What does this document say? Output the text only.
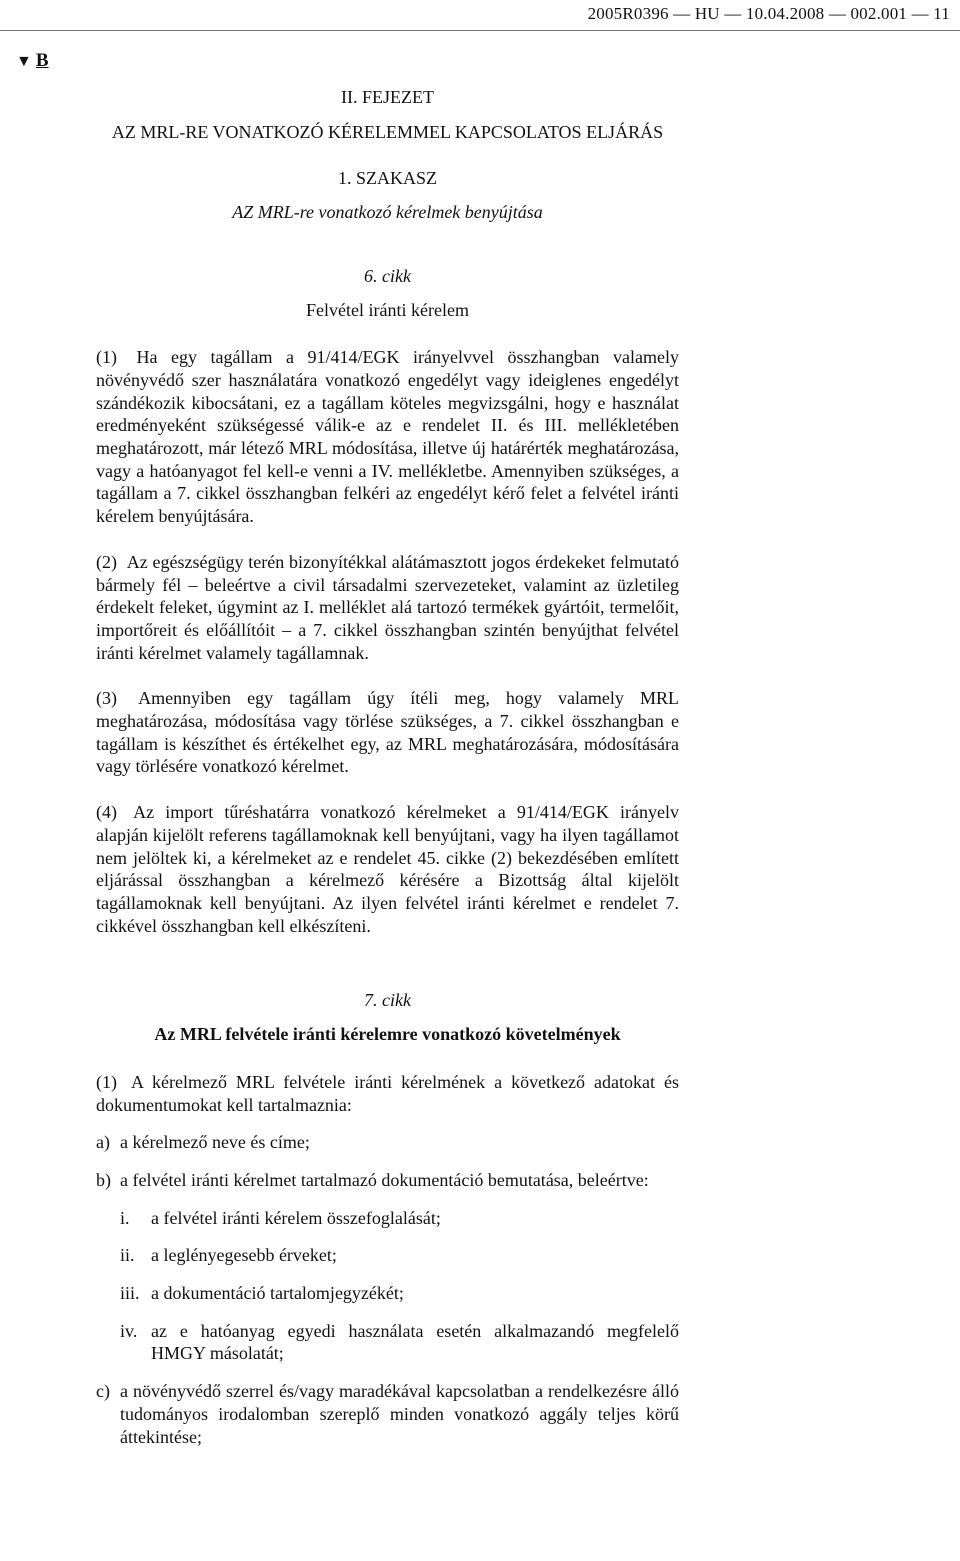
2005R0396 — HU — 10.04.2008 — 002.001 — 11
▼ B

II. FEJEZET

AZ MRL-RE VONATKOZÓ KÉRELEMMEL KAPCSOLATOS ELJÁRÁS

1. SZAKASZ

AZ MRL-re vonatkozó kérelmek benyújtása

6. cikk

Felvétel iránti kérelem

(1) Ha egy tagállam a 91/414/EGK irányelvvel összhangban valamely növényvédő szer használatára vonatkozó engedélyt vagy ideiglenes engedélyt szándékozik kibocsátani, ez a tagállam köteles megvizsgálni, hogy e használat eredményeként szükségessé válik-e az e rendelet II. és III. mellékletében meghatározott, már létező MRL módosítása, illetve új határérték meghatározása, vagy a hatóanyagot fel kell-e venni a IV. mellékletbe. Amennyiben szükséges, a tagállam a 7. cikkel összhangban felkéri az engedélyt kérő felet a felvétel iránti kérelem benyújtására.

(2) Az egészségügy terén bizonyítékkal alátámasztott jogos érdekeket felmutató bármely fél – beleértve a civil társadalmi szervezeteket, valamint az üzletileg érdekelt feleket, úgymint az I. melléklet alá tartozó termékek gyártóit, termelőit, importőreit és előállítóit – a 7. cikkel összhangban szintén benyújthat felvétel iránti kérelmet valamely tagállamnak.

(3) Amennyiben egy tagállam úgy ítéli meg, hogy valamely MRL meghatározása, módosítása vagy törlése szükséges, a 7. cikkel összhangban e tagállam is készíthet és értékelhet egy, az MRL meghatározására, módosítására vagy törlésére vonatkozó kérelmet.

(4) Az import tűréshatárra vonatkozó kérelmeket a 91/414/EGK irányelv alapján kijelölt referens tagállamoknak kell benyújtani, vagy ha ilyen tagállamot nem jelöltek ki, a kérelmeket az e rendelet 45. cikke (2) bekezdésében említett eljárással összhangban a kérelmező kérésére a Bizottság által kijelölt tagállamoknak kell benyújtani. Az ilyen felvétel iránti kérelmet e rendelet 7. cikkével összhangban kell elkészíteni.

7. cikk

Az MRL felvétele iránti kérelemre vonatkozó követelmények

(1) A kérelmező MRL felvétele iránti kérelmének a következő adatokat és dokumentumokat kell tartalmaznia:

a) a kérelmező neve és címe;
b) a felvétel iránti kérelmet tartalmazó dokumentáció bemutatása, beleértve:
i.	a felvétel iránti kérelem összefoglalását;
ii. a leglényegesebb érveket;
iii. a dokumentáció tartalomjegyzékét;
iv. az e hatóanyag egyedi használata esetén alkalmazandó megfelelő HMGY másolatát;
c) a növényvédő szerrel és/vagy maradékával kapcsolatban a rendelkezésre álló tudományos irodalomban szereplő minden vonatkozó aggály teljes körű áttekintése;
